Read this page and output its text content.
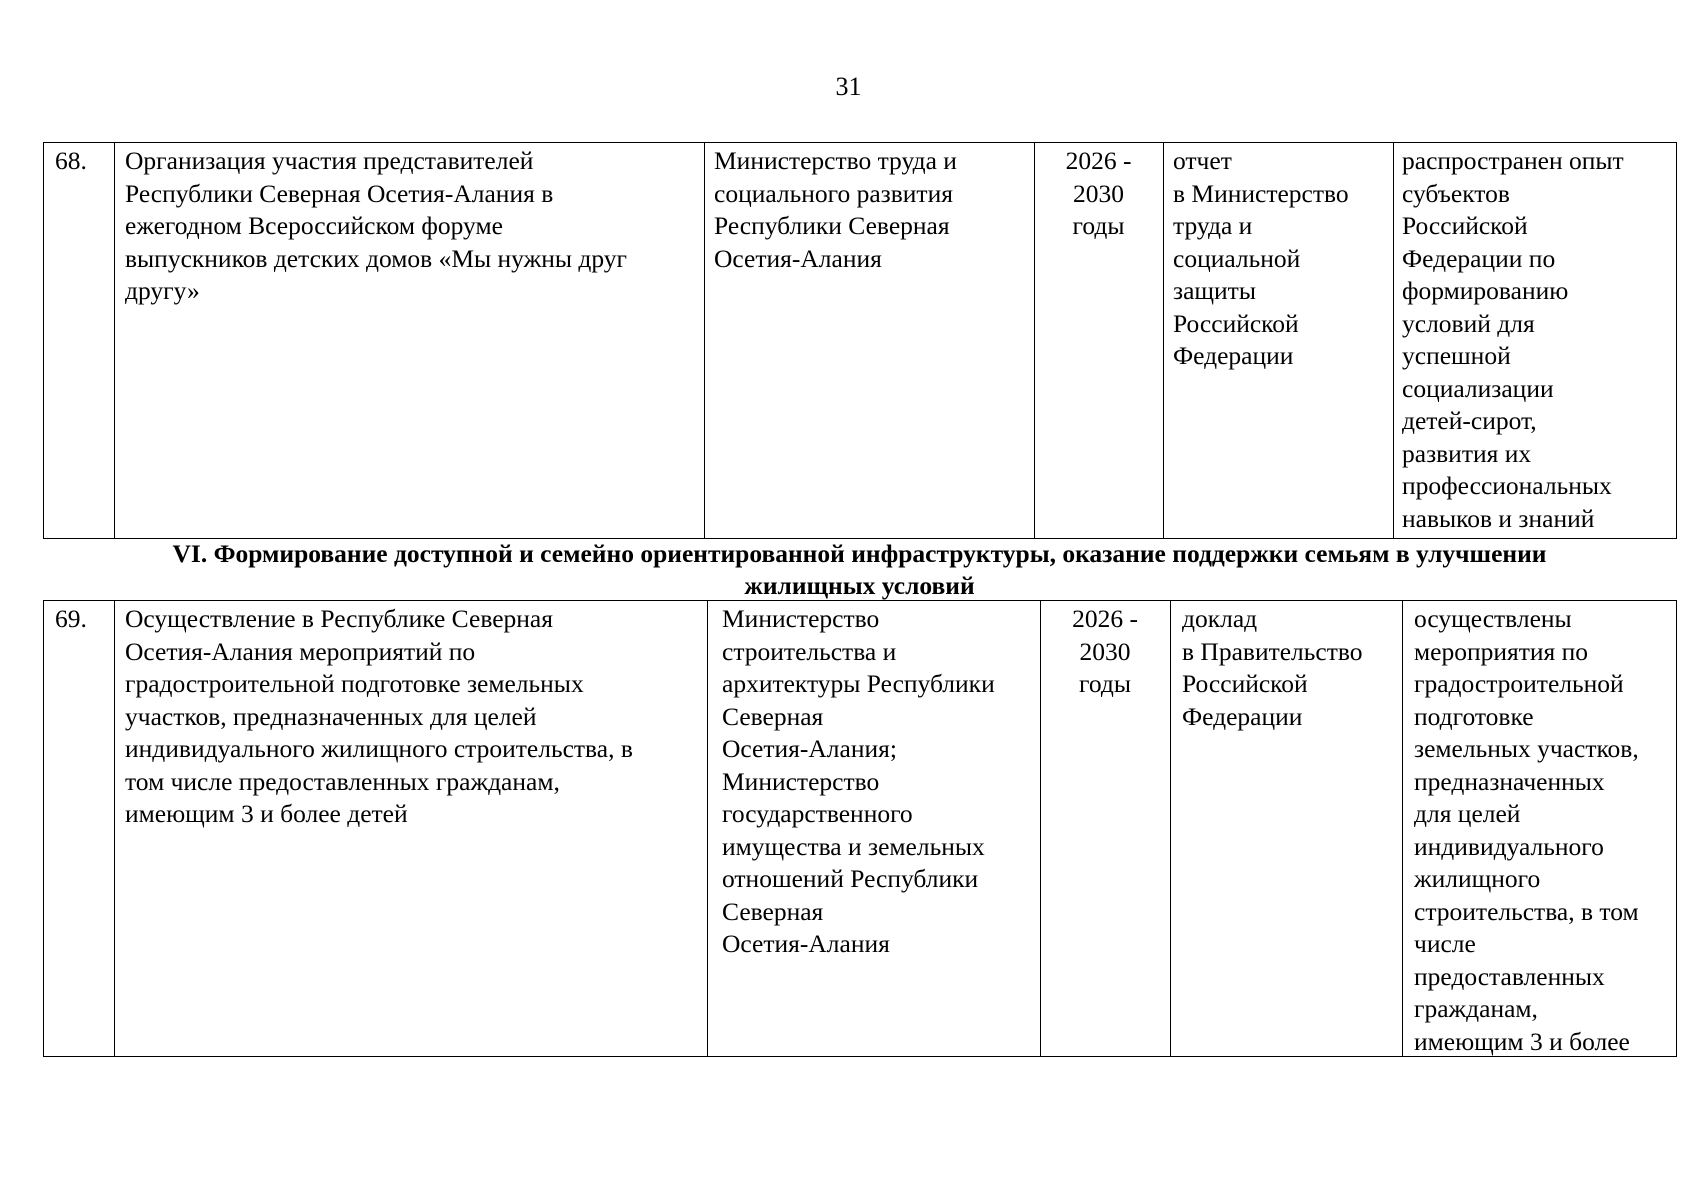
31
68. Организация участия представителей
Республики Северная Осетия-Алания в
ежегодном Всероссийском форуме
выпускников детских домов «Мы нужны друг
другу»
Министерство труда и
социального развития
Республики Северная
Осетия-Алания
2026 -
2030
годы
отчет
в Министерство
труда и
социальной
защиты
Российской
Федерации
распространен опыт
субъектов
Российской
Федерации по
формированию
условий для
успешной
социализации
детей-сирот,
развития их
профессиональных
навыков и знаний
VI. Формирование доступной и семейно ориентированной инфраструктуры, оказание поддержки семьям в улучшении
жилищных условий
69. Осуществление в Республике Северная
Осетия-Алания мероприятий по
градостроительной подготовке земельных
участков, предназначенных для целей
индивидуального жилищного строительства, в
том числе предоставленных гражданам,
имеющим 3 и более детей
Министерство
строительства и
архитектуры Республики
Северная
Осетия-Алания;
Министерство
государственного
имущества и земельных
отношений Республики
Северная
Осетия-Алания
2026 -
2030
годы
доклад
в Правительство
Российской
Федерации
осуществлены
мероприятия по
градостроительной
подготовке
земельных участков,
предназначенных
для целей
индивидуального
жилищного
строительства, в том
числе
предоставленных
гражданам,
имеющим 3 и более
